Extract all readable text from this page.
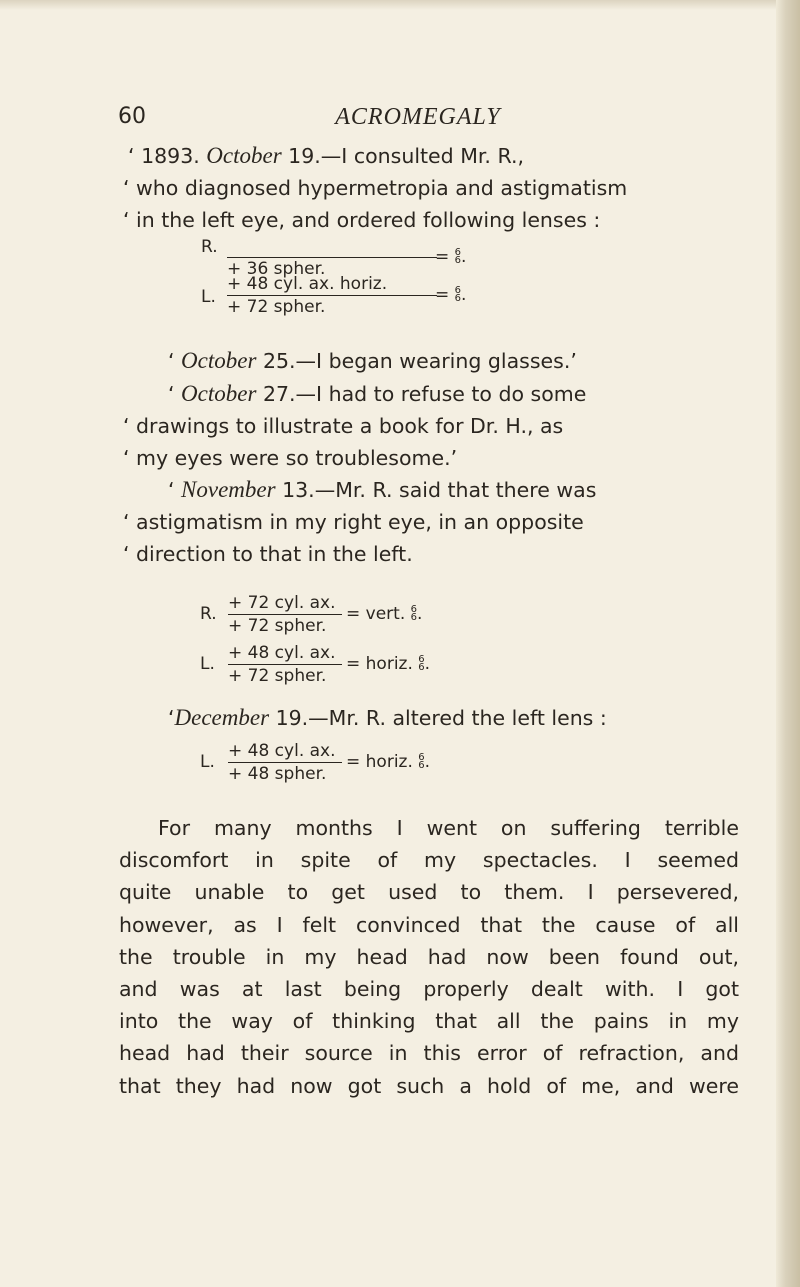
60	ACROMEGALY
‘ 1893. October 19.—I consulted Mr. R.,
‘ who diagnosed hypermetropia and astigmatism
‘ in the left eye, and ordered following lenses :
R.
+ 36 spher.
= 6
6 .
L.
+ 48 cyl. ax. horiz.
+ 72 spher.
= 6
6 .
‘ October 25.—I began wearing glasses.’
‘ October 27.—I had to refuse to do some
‘ drawings to illustrate a book for Dr. H., as
‘ my eyes were so troublesome.’
‘ November 13.—Mr. R. said that there was
‘ astigmatism in my right eye, in an opposite
‘ direction to that in the left.
R.
+ 72 cyl. ax.
+ 72 spher.
= vert. 6
6 .
L.
+ 48 cyl. ax.
+ 72 spher.
= horiz. 6
6 .
‘December 19.—Mr. R. altered the left lens :
L.
+ 48 cyl. ax.
+ 48 spher.
= horiz. 6
6 .
For many months I went on suffering terrible
discomfort in spite of my spectacles. I seemed
quite unable to get used to them. I persevered,
however, as I felt convinced that the cause of all
the trouble in my head had now been found out,
and was at last being properly dealt with. I got
into the way of thinking that all the pains in my
head had their source in this error of refraction, and
that they had now got such a hold of me, and were
